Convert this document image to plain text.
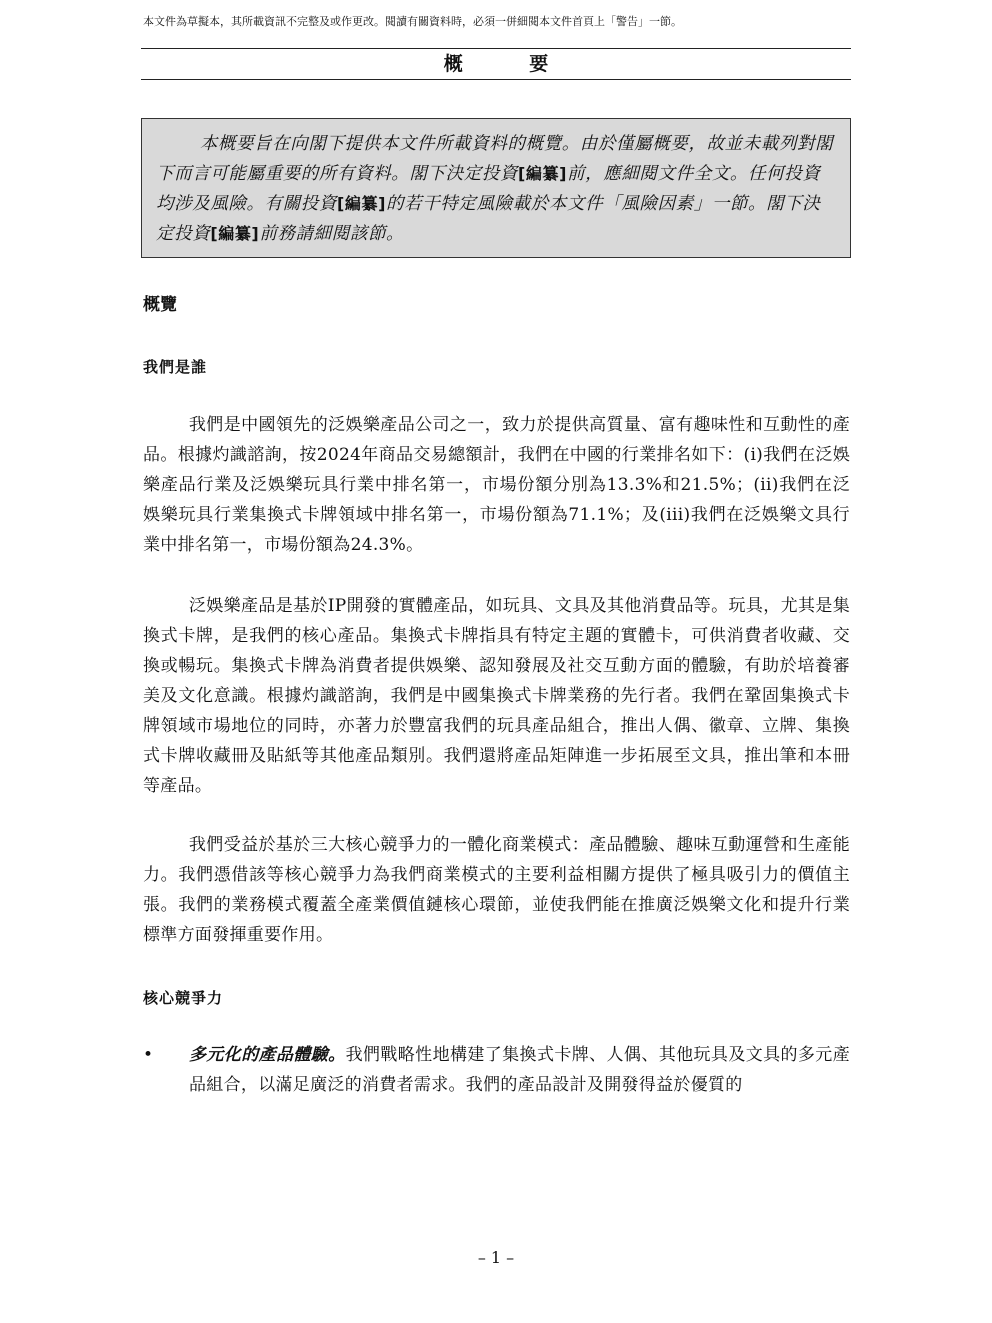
本文件為草擬本，其所載資訊不完整及或作更改。閱讀有關資料時，必須一併細閱本文件首頁上「警告」一節。
概 要

本概要旨在向閣下提供本文件所載資料的概覽。由於僅屬概要，故並未載列對閣下而言可能屬重要的所有資料。閣下決定投資[編纂]前，應細閱文件全文。任何投資均涉及風險。有關投資[編纂]的若干特定風險載於本文件「風險因素」一節。閣下決定投資[編纂]前務請細閱該節。

概覽
我們是誰

我們是中國領先的泛娛樂產品公司之一，致力於提供高質量、富有趣味性和互動性的產品。根據灼識諮詢，按2024年商品交易總額計，我們在中國的行業排名如下：(i)我們在泛娛樂產品行業及泛娛樂玩具行業中排名第一，市場份額分別為13.3%和21.5%；(ii)我們在泛娛樂玩具行業集換式卡牌領域中排名第一，市場份額為71.1%；及(iii)我們在泛娛樂文具行業中排名第一，市場份額為24.3%。

泛娛樂產品是基於IP開發的實體產品，如玩具、文具及其他消費品等。玩具，尤其是集換式卡牌，是我們的核心產品。集換式卡牌指具有特定主題的實體卡，可供消費者收藏、交換或暢玩。集換式卡牌為消費者提供娛樂、認知發展及社交互動方面的體驗，有助於培養審美及文化意識。根據灼識諮詢，我們是中國集換式卡牌業務的先行者。我們在鞏固集換式卡牌領域市場地位的同時，亦著力於豐富我們的玩具產品組合，推出人偶、徽章、立牌、集換式卡牌收藏冊及貼紙等其他產品類別。我們還將產品矩陣進一步拓展至文具，推出筆和本冊等產品。

我們受益於基於三大核心競爭力的一體化商業模式：產品體驗、趣味互動運營和生產能力。我們憑借該等核心競爭力為我們商業模式的主要利益相關方提供了極具吸引力的價值主張。我們的業務模式覆蓋全產業價值鏈核心環節，並使我們能在推廣泛娛樂文化和提升行業標準方面發揮重要作用。

核心競爭力
• 多元化的產品體驗。我們戰略性地構建了集換式卡牌、人偶、其他玩具及文具的多元產品組合，以滿足廣泛的消費者需求。我們的產品設計及開發得益於優質的

– 1 –
